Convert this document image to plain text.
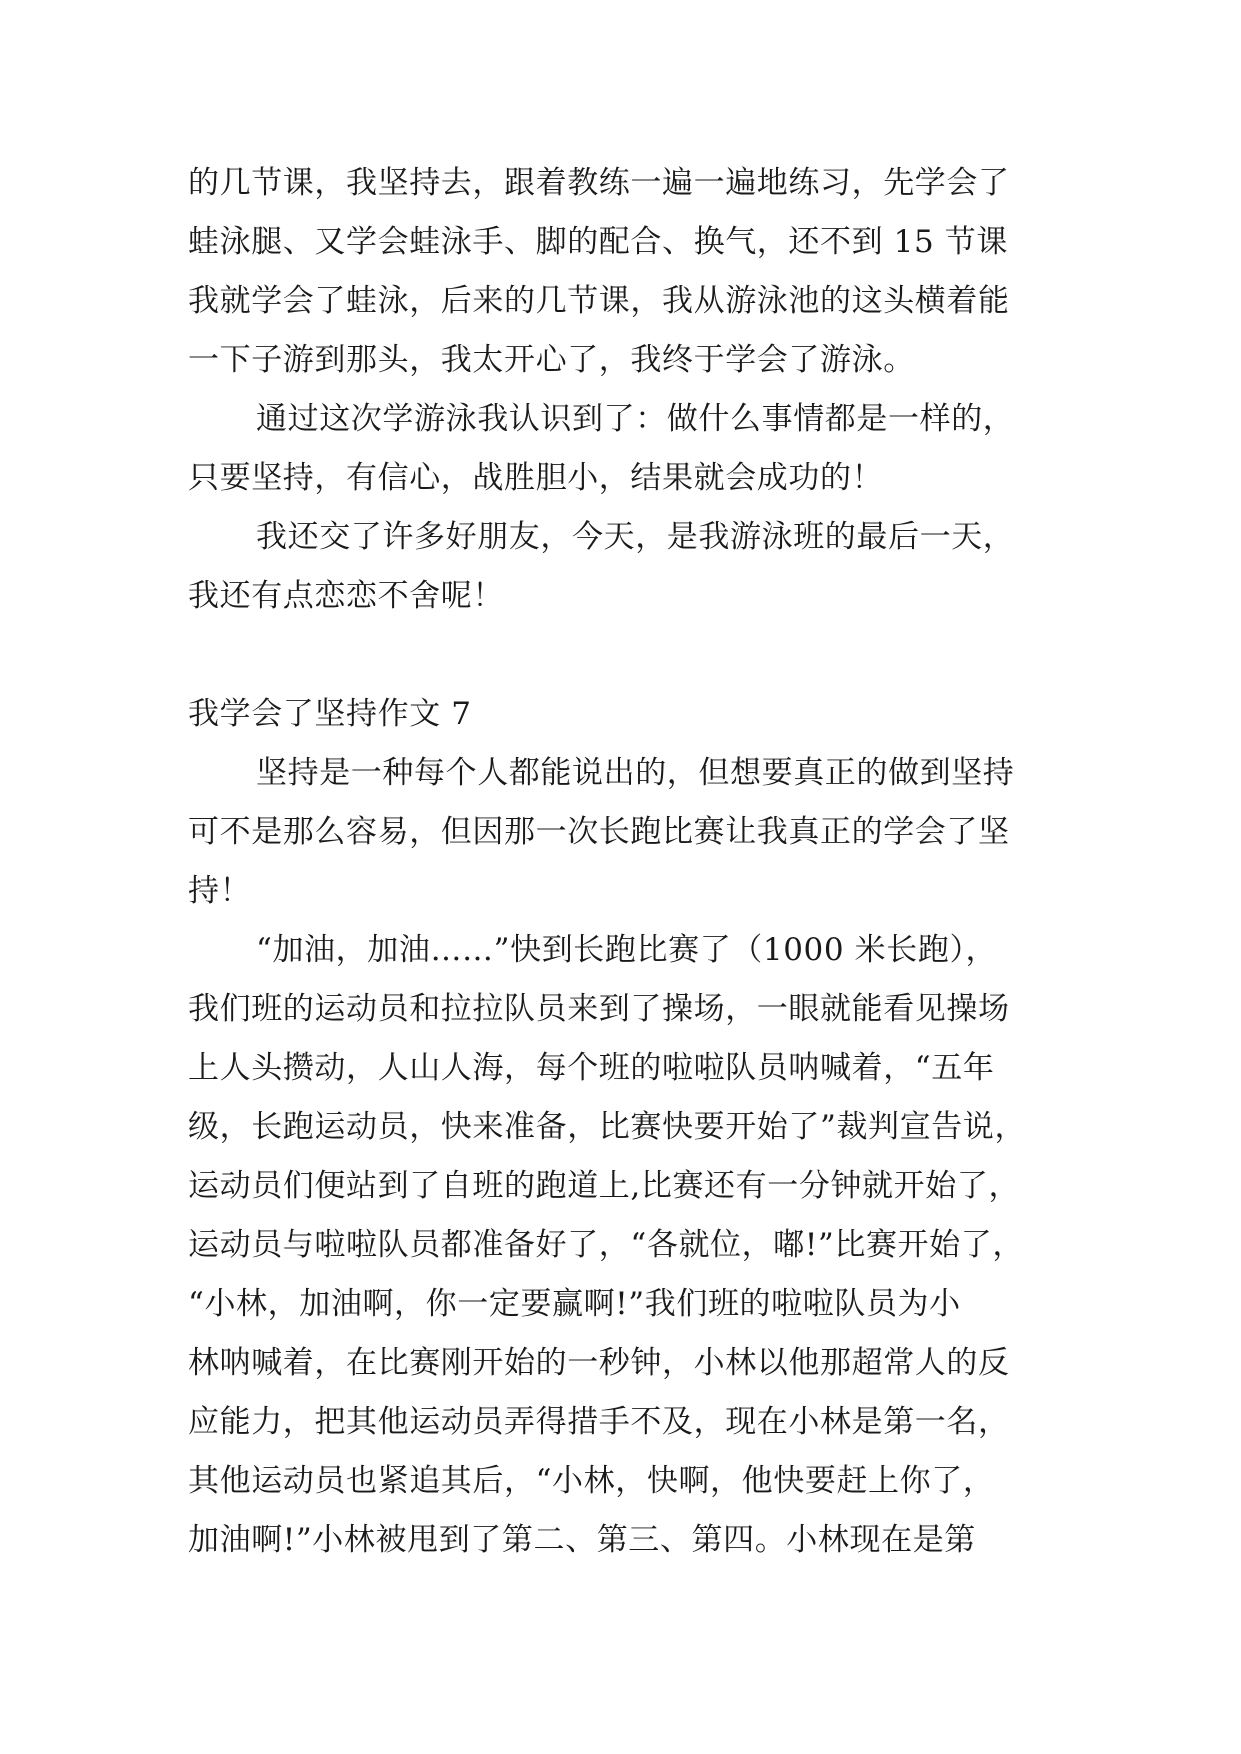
的几节课，我坚持去，跟着教练一遍一遍地练习，先学会了
蛙泳腿、又学会蛙泳手、脚的配合、换气，还不到 15 节课
我就学会了蛙泳，后来的几节课，我从游泳池的这头横着能
一下子游到那头，我太开心了，我终于学会了游泳。
通过这次学游泳我认识到了：做什么事情都是一样的，
只要坚持，有信心，战胜胆小，结果就会成功的！
我还交了许多好朋友，今天，是我游泳班的最后一天，
我还有点恋恋不舍呢！
我学会了坚持作文 7
坚持是一种每个人都能说出的，但想要真正的做到坚持
可不是那么容易，但因那一次长跑比赛让我真正的学会了坚
持！
“加油，加油……”快到长跑比赛了（1000 米长跑），
我们班的运动员和拉拉队员来到了操场，一眼就能看见操场
上人头攒动，人山人海，每个班的啦啦队员呐喊着，“五年
级，长跑运动员，快来准备，比赛快要开始了”裁判宣告说，
运动员们便站到了自班的跑道上,比赛还有一分钟就开始了，
运动员与啦啦队员都准备好了，“各就位，嘟!”比赛开始了，
“小林，加油啊，你一定要赢啊!”我们班的啦啦队员为小
林呐喊着，在比赛刚开始的一秒钟，小林以他那超常人的反
应能力，把其他运动员弄得措手不及，现在小林是第一名，
其他运动员也紧追其后，“小林，快啊，他快要赶上你了，
加油啊!”小林被甩到了第二、第三、第四。小林现在是第
